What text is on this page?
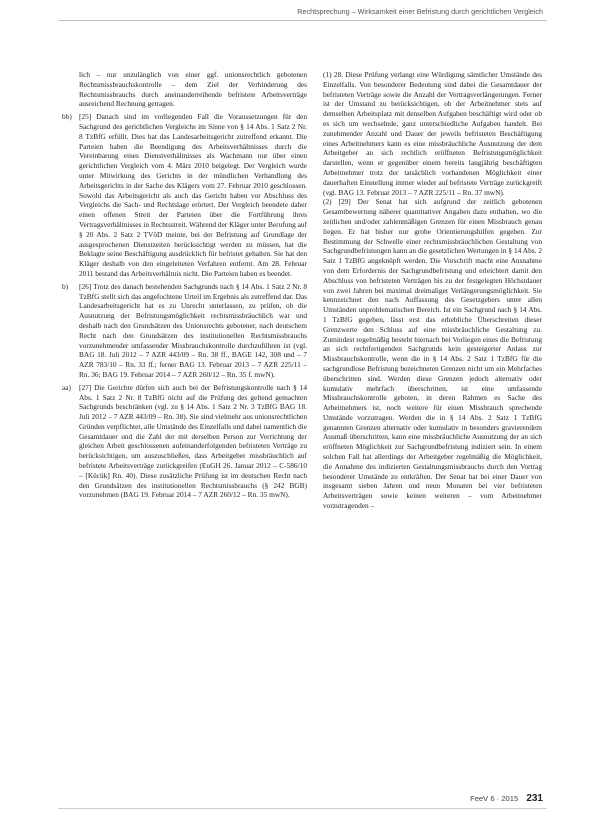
Rechtsprechung – Wirksamkeit einer Befristung durch gerichtlichen Vergleich

lich – nur unzulänglich von einer ggf. unionsrechtlich gebotenen Rechtsmissbrauchskontrolle – dem Ziel der Verhinderung des Rechtsmissbrauchs durch aneinanderreihende befristete Arbeitsverträge ausreichend Rechnung getragen.

bb) [25] Danach sind im vorliegenden Fall die Voraussetzungen für den Sachgrund des gerichtlichen Vergleichs im Sinne von § 14 Abs. 1 Satz 2 Nr. 8 TzBfG erfüllt. Dies hat das Landesarbeitsgericht zutreffend erkannt. Die Parteien haben die Beendigung des Arbeitsverhältnisses durch die Vereinbarung eines Dienstverhältnisses als Wachmann nur über einen gerichtlichen Vergleich vom 4. März 2010 beigelegt. Der Vergleich wurde unter Mitwirkung des Gerichts in der mündlichen Verhandlung des Arbeitsgerichts in der Sache des Klägers vom 27. Februar 2010 geschlossen. Sowohl das Arbeitsgericht als auch das Gericht haben vor Abschluss des Vergleichs die Sach- und Rechtslage erörtert. Der Vergleich beendete daher einen offenen Streit der Parteien über die Fortführung ihres Vertragsverhältnisses in Rechtsstreit. Während der Kläger unter Berufung auf § 20 Abs. 2 Satz 2 TVöD meinte, bei der Befristung auf Grundlage der ausgesprochenen Dienstzeiten berücksichtigt werden zu müssen, hat die Beklagte seine Beschäftigung ausdrücklich für befristet gehalten. Sie hat den Kläger deshalb von den eingeleiteten Verfahren entfernt. Am 28. Februar 2011 bestand das Arbeitsverhältnis nicht. Die Parteien haben es beendet.
b)	[26] Trotz des danach bestehenden Sachgrunds nach § 14 Abs. 1 Satz 2 Nr. 8 TzBfG stellt sich das angefochtene Urteil im Ergebnis als zutreffend dar. Das Landesarbeitsgericht hat es zu Unrecht unterlassen, zu prüfen, ob die Ausnutzung der Befristungsmöglichkeit rechtsmissbräuchlich war und deshalb nach den Grundsätzen des Unionsrechts gebotener, nach deutschem Recht nach den Grundsätzen des institutionellen Rechtsmissbrauchs vorzunehmender umfassender Missbrauchskontrolle durchzuführen ist (vgl. BAG 18. Juli 2012 – 7 AZR 443/09 – Rn. 38 ff., BAGE 142, 308 und – 7 AZR 783/10 – Rn. 33 ff.; ferner BAG 13. Februar 2013 – 7 AZR 225/11 – Rn. 36; BAG 19. Februar 2014 – 7 AZR 260/12 – Rn. 35 f. mwN).
aa)	[27] Die Gerichte dürfen sich auch bei der Befristungskontrolle nach § 14 Abs. 1 Satz 2 Nr. 8 TzBfG nicht auf die Prüfung des geltend gemachten Sachgrunds beschränken (vgl. zu § 14 Abs. 1 Satz 2 Nr. 3 TzBfG BAG 18. Juli 2012 – 7 AZR 443/09 – Rn. 38). Sie sind vielmehr aus unionsrechtlichen Gründen verpflichtet, alle Umstände des Einzelfalls und dabei namentlich die Gesamtdauer und die Zahl der mit derselben Person zur Verrichtung der gleichen Arbeit geschlossenen aufeinanderfolgenden befristeten Verträge zu berücksichtigen, um auszuschließen, dass Arbeitgeber missbräuchlich auf befristete Arbeitsverträge zurückgreifen (EuGH 26. Januar 2012 – C-586/10 – [Kücük] Rn. 40). Diese zusätzliche Prüfung ist im deutschen Recht nach den Grundsätzen des institutionellen Rechtsmissbrauchs (§ 242 BGB) vorzunehmen (BAG 19. Februar 2014 – 7 AZR 260/12 – Rn. 35 mwN).

(1) 28. Diese Prüfung verlangt eine Würdigung sämtlicher Umstände des Einzelfalls. Von besonderer Bedeutung sind dabei die Gesamtdauer der befristeten Verträge sowie die Anzahl der Vertragsverlängerungen. Ferner ist der Umstand zu berücksichtigen, ob der Arbeitnehmer stets auf demselben Arbeitsplatz mit denselben Aufgaben beschäftigt wird oder ob es sich um wechselnde, ganz unterschiedliche Aufgaben handelt. Bei zunehmender Anzahl und Dauer der jeweils befristeten Beschäftigung eines Arbeitnehmers kann es eine missbräuchliche Ausnutzung der dem Arbeitgeber an sich rechtlich eröffneten Befristungsmöglichkeit darstellen, wenn er gegenüber einem bereits langjährig beschäftigten Arbeitnehmer trotz der tatsächlich vorhandenen Möglichkeit einer dauerhaften Einstellung immer wieder auf befristete Verträge zurückgreift (vgl. BAG 13. Februar 2013 – 7 AZR 225/11 – Rn. 37 mwN).

(2) [29] Der Senat hat sich aufgrund der zeitlich gebotenen Gesamtbewertung näherer quantitativer Angaben dazu enthalten, wo die zeitlichen und/oder zahlenmäßigen Grenzen für einen Missbrauch genau liegen. Er hat bisher nur grobe Orientierungshilfen gegeben. Zur Bestimmung der Schwelle einer rechtsmissbräuchlichen Gestaltung von Sachgrundbefristungen kann an die gesetzlichen Wertungen in § 14 Abs. 2 Satz 1 TzBfG angeknüpft werden. Die Vorschrift macht eine Ausnahme von dem Erfordernis der Sachgrundbefristung und erleichtert damit den Abschluss von befristeten Verträgen bis zu der festgelegten Höchstdauer von zwei Jahren bei maximal dreimaliger Verlängerungsmöglichkeit. Sie kennzeichnet den nach Auffassung des Gesetzgebers unter allen Umständen unproblematischen Bereich. Ist ein Sachgrund nach § 14 Abs. 1 TzBfG gegeben, lässt erst das erhebliche Überschreiten dieser Grenzwerte den Schluss auf eine missbräuchliche Gestaltung zu. Zumindest regelmäßig besteht hiernach bei Vorliegen eines die Befristung an sich rechtfertigenden Sachgrunds kein gesteigerter Anlass zur Missbrauchskontrolle, wenn die in § 14 Abs. 2 Satz 1 TzBfG für die sachgrundlose Befristung bezeichneten Grenzen nicht um ein Mehrfaches überschritten sind. Werden diese Grenzen jedoch alternativ oder kumulativ mehrfach überschritten, ist eine umfassende Missbrauchskontrolle geboten, in deren Rahmen es Sache des Arbeitnehmers ist, noch weitere für einen Missbrauch sprechende Umstände vorzutragen. Werden die in § 14 Abs. 2 Satz 1 TzBfG genannten Grenzen alternativ oder kumulativ in besonders gravierendem Ausmaß überschritten, kann eine missbräuchliche Ausnutzung der an sich eröffneten Möglichkeit zur Sachgrundbefristung indiziert sein. In einem solchen Fall hat allerdings der Arbeitgeber regelmäßig die Möglichkeit, die Annahme des indizierten Gestaltungsmissbrauchs durch den Vortrag besonderer Umstände zu entkräften. Der Senat hat bei einer Dauer von insgesamt sieben Jahren und neun Monaten bei vier befristeten Arbeitsverträgen sowie keinen weiteren – vom Arbeitnehmer vorzutragenden –

FeeV 6 · 2015 231
